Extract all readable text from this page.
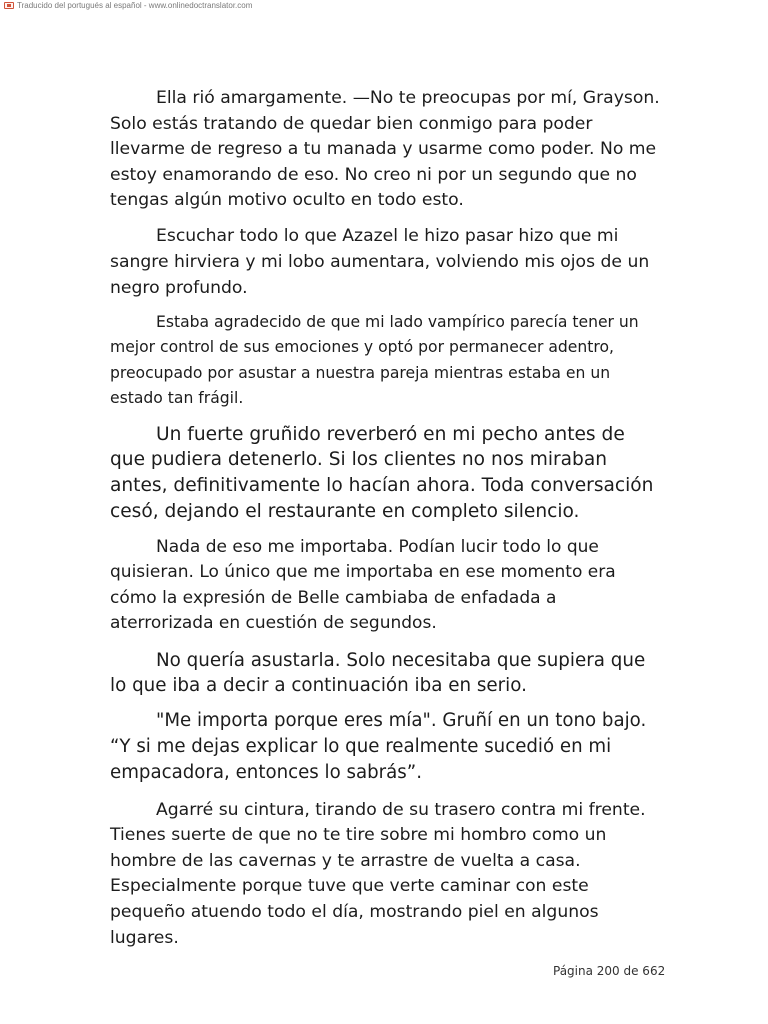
Traducido del portugués al español - www.onlinedoctranslator.com

Ella rió amargamente. —No te preocupas por mí, Grayson. Solo estás tratando de quedar bien conmigo para poder llevarme de regreso a tu manada y usarme como poder. No me estoy enamorando de eso. No creo ni por un segundo que no tengas algún motivo oculto en todo esto.

Escuchar todo lo que Azazel le hizo pasar hizo que mi sangre hirviera y mi lobo aumentara, volviendo mis ojos de un negro profundo.

Estaba agradecido de que mi lado vampírico parecía tener un mejor control de sus emociones y optó por permanecer adentro, preocupado por asustar a nuestra pareja mientras estaba en un estado tan frágil.

Un fuerte gruñido reverberó en mi pecho antes de que pudiera detenerlo. Si los clientes no nos miraban antes, definitivamente lo hacían ahora. Toda conversación cesó, dejando el restaurante en completo silencio.

Nada de eso me importaba. Podían lucir todo lo que quisieran. Lo único que me importaba en ese momento era cómo la expresión de Belle cambiaba de enfadada a aterrorizada en cuestión de segundos.

No quería asustarla. Solo necesitaba que supiera que lo que iba a decir a continuación iba en serio.

"Me importa porque eres mía". Gruñí en un tono bajo. “Y si me dejas explicar lo que realmente sucedió en mi empacadora, entonces lo sabrás”.

Agarré su cintura, tirando de su trasero contra mi frente. Tienes suerte de que no te tire sobre mi hombro como un hombre de las cavernas y te arrastre de vuelta a casa. Especialmente porque tuve que verte caminar con este pequeño atuendo todo el día, mostrando piel en algunos lugares.

Página 200 de 662
